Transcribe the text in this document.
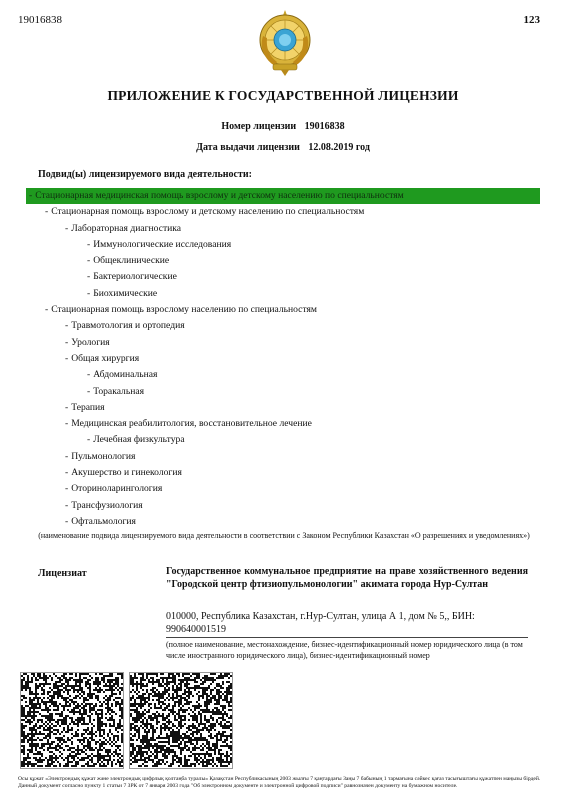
19016838	123
ПРИЛОЖЕНИЕ К ГОСУДАРСТВЕННОЙ ЛИЦЕНЗИИ
Номер лицензии 19016838
Дата выдачи лицензии 12.08.2019 год
Подвид(ы) лицензируемого вида деятельности:
- Стационарная медицинская помощь взрослому и детскому населению по специальностям
- Стационарная помощь взрослому и детскому населению по специальностям
- Лабораторная диагностика
- Иммунологические исследования
- Общеклинические
- Бактериологические
- Биохимические
- Стационарная помощь взрослому населению по специальностям
- Травмотология и ортопедия
- Урология
- Общая хирургия
- Абдоминальная
- Торакальная
- Терапия
- Медицинская реабилитология, восстановительное лечение
- Лечебная физкультура
- Пульмонология
- Акушерство и гинекология
- Оториноларингология
- Трансфузиология
- Офтальмология
(наименование подвида лицензируемого вида деятельности в соответствии с Законом Республики Казахстан «О разрешениях и уведомлениях»)
Лицензиат	Государственное коммунальное предприятие на праве хозяйственного ведения "Городской центр фтизиопульмонологии" акимата города Нур-Султан
010000, Республика Казахстан, г.Нур-Султан, улица А 1, дом № 5,, БИН: 990640001519
(полное наименование, местонахождение, бизнес-идентификационный номер юридического лица (в том числе иностранного юридического лица), бизнес-идентификационный номер
Осы құжат «Электрондық құжат және электрондық цифрлық қолтаңба туралы» Қазақстан Республикасының 2003 жылғы 7 қаңтардағы Заңы 7 бабының 1 тармағына сәйкес қағаз тасығыштағы құжатпен маңызы бірдей. Данный документ согласно пункту 1 статьи 7 ЗРК от 7 января 2003 года "Об электронном документе и электронной цифровой подписи" равнозначен документу на бумажном носителе.
